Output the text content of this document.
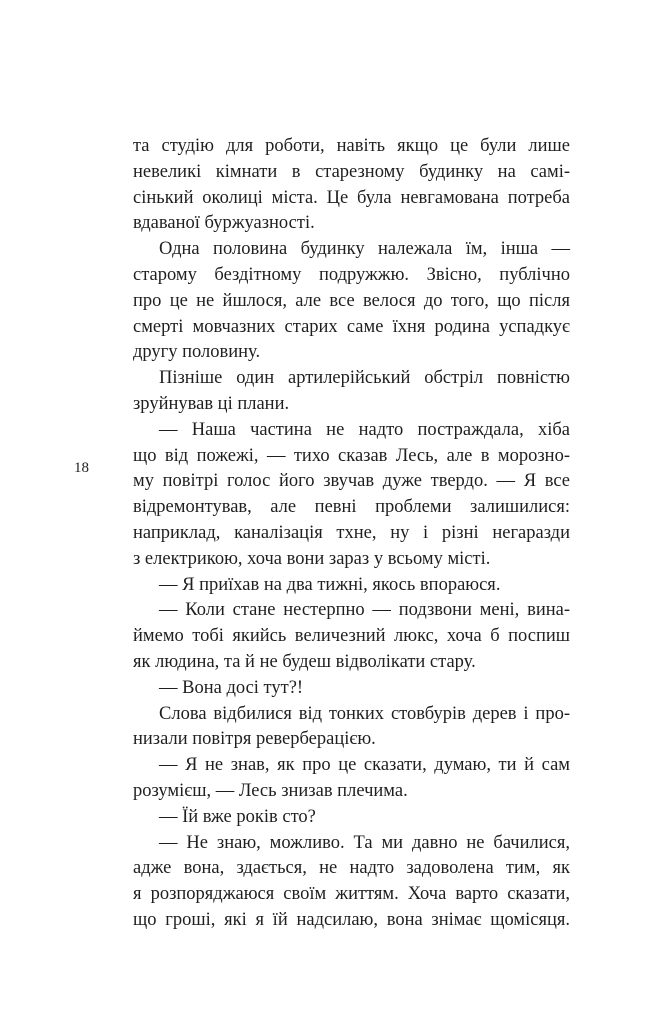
18
та студію для роботи, навіть якщо це були лише
невеликі кімнати в старезному будинку на самі-
сінький околиці міста. Це була невгамована потреба
вдаваної буржуазності.
Одна половина будинку належала їм, інша —
старому бездітному подружжю. Звісно, публічно
про це не йшлося, але все велося до того, що після
смерті мовчазних старих саме їхня родина успадкує
другу половину.
Пізніше один артилерійський обстріл повністю
зруйнував ці плани.
— Наша частина не надто постраждала, хіба
що від пожежі, — тихо сказав Лесь, але в морозно-
му повітрі голос його звучав дуже твердо. — Я все
відремонтував, але певні проблеми залишилися:
наприклад, каналізація тхне, ну і різні негаразди
з електрикою, хоча вони зараз у всьому місті.
— Я приїхав на два тижні, якось впораюся.
— Коли стане нестерпно — подзвони мені, вина-
ймемо тобі якийсь величезний люкс, хоча б поспиш
як людина, та й не будеш відволікати стару.
— Вона досі тут?!
Слова відбилися від тонких стовбурів дерев і про-
низали повітря реверберацією.
— Я не знав, як про це сказати, думаю, ти й сам
розумієш, — Лесь знизав плечима.
— Їй вже років сто?
— Не знаю, можливо. Та ми давно не бачилися,
адже вона, здається, не надто задоволена тим, як
я розпоряджаюся своїм життям. Хоча варто сказати,
що гроші, які я їй надсилаю, вона знімає щомісяця.
